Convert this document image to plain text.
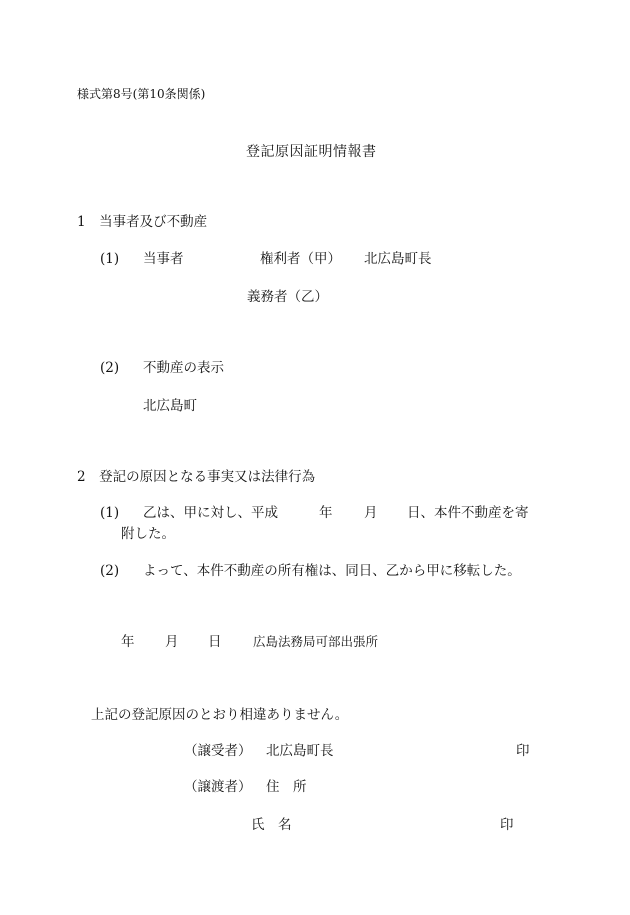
様式第8号(第10条関係)
登記原因証明情報書
1　当事者及び不動産
(1) 当事者	権利者（甲） 北広島町長
義務者（乙）
(2) 不動産の表示
北広島町
2　登記の原因となる事実又は法律行為
(1) 乙は、甲に対し、平成	年 月 日、本件不動産を寄
附した。
(2) よって、本件不動産の所有権は、同日、乙から甲に移転した。
年 月 日	広島法務局可部出張所
上記の登記原因のとおり相違ありません。
（譲受者） 北広島町長	印
（譲渡者） 住　所
氏　名	印
